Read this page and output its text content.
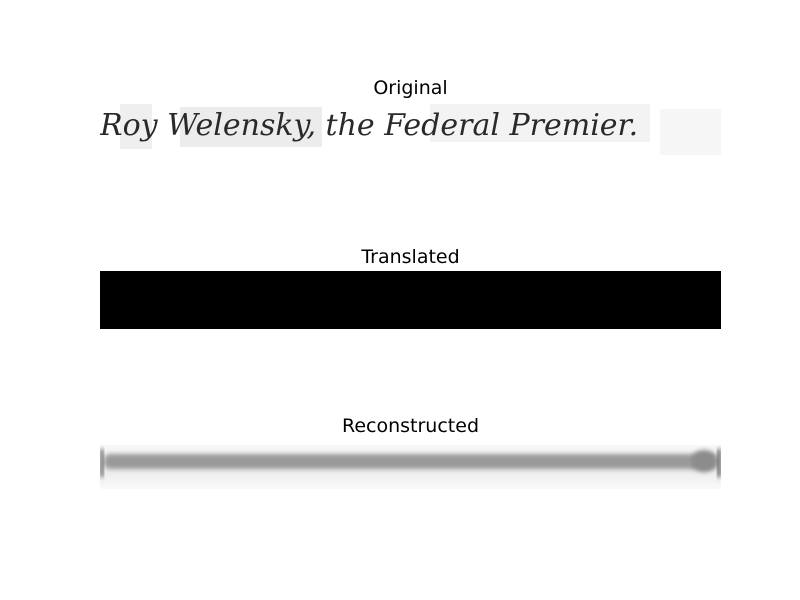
Original
Roy Welensky, the Federal Premier.
Translated
Reconstructed
